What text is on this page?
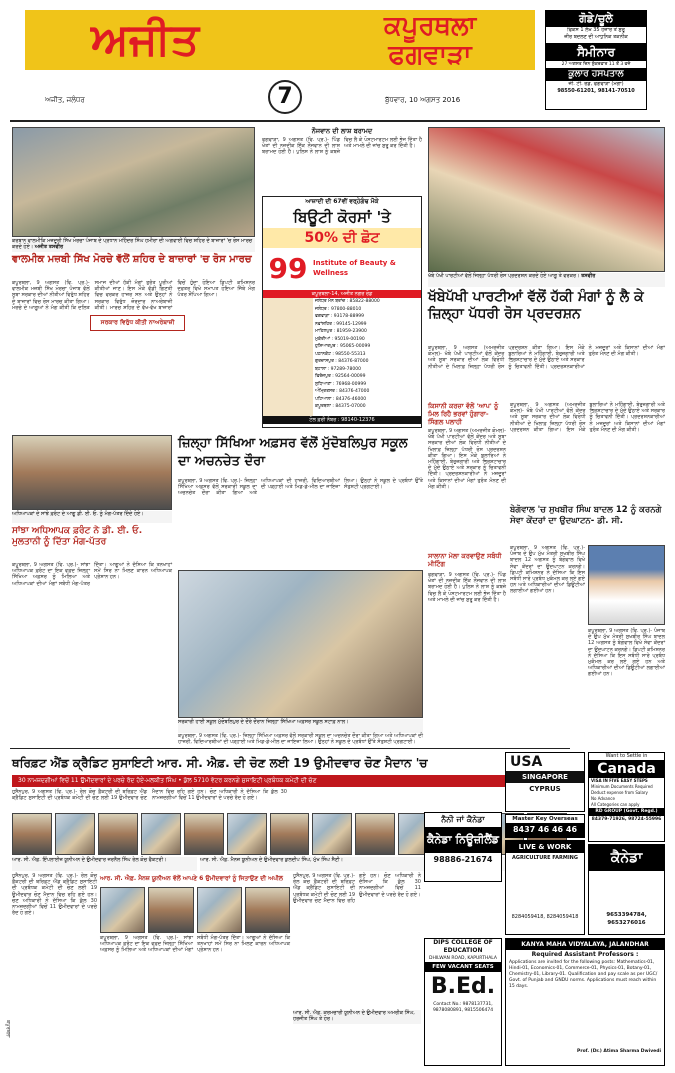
ਅਜੀਤ	ਕਪੂਰਥਲਾ
ਫਗਵਾੜਾ
ਅਜੀਤ, ਜਲੰਧਰ	7	ਬੁੱਧਵਾਰ, 10 ਅਗਸਤ 2016
ਗੋਡੇ/ਚੂਲੇ
ਫਿਕਸ 1 ਲੱਖ 35 ਹਜ਼ਾਰ ਤੋਂ ਸ਼ੁਰੂ
ਜ਼ੀਰ ਬਦਲਣ ਦੀ ਆਧੁਨਿਕ ਤਕਨੀਕ
ਸੈਮੀਨਾਰ
27 ਅਗਸਤ ਦਿਨ ਸ਼ੁੱਕਰਵਾਰ 11 ਤੋਂ 3 ਵਜੇ
ਕੂਲਾਰ ਹਸਪਤਾਲ
ਜੀ. ਟੀ. ਰੋਡ, ਫਗਵਾੜਾ (ਮੋਗਾ)
98550-61201, 98141-70510
ਕਰਬਾਨ ਵਾਲਮੀਕਿ ਮਜ਼ਦੂਰੀ ਸਿੱਖ ਮੋਰਚਾ ਪੰਜਾਬ ਦੇ ਪ੍ਰਧਾਨ ਮਹਿੰਦਰ ਸਿੰਘ ਹਮੀਰਾ ਦੀ ਅਗਵਾਈ ਵਿਚ ਸ਼ਹਿਰ ਦੇ ਬਾਜ਼ਾਰਾਂ 'ਚ ਰੋਸ ਮਾਰਚ ਕਰਦੇ ਹੋਏ। ਅਜੀਤ ਤਸਵੀਰ
ਵਾਲਮੀਕ ਮਜ਼ਬੀ ਸਿੱਖ ਮੋਰਚੇ ਵੱਲੋਂ ਸ਼ਹਿਰ ਦੇ ਬਾਜ਼ਾਰਾਂ 'ਚ ਰੋਸ ਮਾਰਚ
ਕਪੂਰਥਲਾ, 9 ਅਗਸਤ (ਵਿ. ਪ੍ਰ.)- ਵਾਲਮੀਕ ਮਜ਼ਬੀ ਸਿੱਖ ਮੋਰਚਾ ਪੰਜਾਬ ਵੱਲੋਂ ਸੂਬਾ ਸਰਕਾਰ ਦੀਆਂ ਨੀਤੀਆਂ ਵਿਰੁੱਧ ਸ਼ਹਿਰ ਦੇ ਬਾਜ਼ਾਰਾਂ ਵਿਚ ਰੋਸ ਮਾਰਚ ਕੀਤਾ ਗਿਆ। ਮੋਰਚੇ ਦੇ ਆਗੂਆਂ ਨੇ ਮੰਗ ਕੀਤੀ ਕਿ ਦਲਿਤ ਸਮਾਜ ਦੀਆਂ ਹੱਕੀ ਮੰਗਾਂ ਤੁਰੰਤ ਪੂਰੀਆਂ ਕੀਤੀਆਂ ਜਾਣ। ਇਸ ਮੌਕੇ ਵੱਡੀ ਗਿਣਤੀ ਵਿਚ ਵਰਕਰ ਹਾਜ਼ਰ ਸਨ ਅਤੇ ਉਨ੍ਹਾਂ ਨੇ ਸਰਕਾਰ ਵਿਰੁੱਧ ਜ਼ੋਰਦਾਰ ਨਾਅਰੇਬਾਜ਼ੀ ਕੀਤੀ। ਮਾਰਚ ਸ਼ਹਿਰ ਦੇ ਵੱਖ-ਵੱਖ ਬਾਜ਼ਾਰਾਂ ਵਿਚੋਂ ਹੁੰਦਾ ਹੋਇਆ ਡਿਪਟੀ ਕਮਿਸ਼ਨਰ ਦਫ਼ਤਰ ਵਿਖੇ ਸਮਾਪਤ ਹੋਇਆ ਜਿੱਥੇ ਮੰਗ ਪੱਤਰ ਸੌਂਪਿਆ ਗਿਆ।
ਸਰਕਾਰ ਵਿਰੁੱਧ ਕੀਤੀ ਨਾਅਰੇਬਾਜ਼ੀ
ਨੌਜਵਾਨ ਦੀ ਲਾਸ਼ ਬਰਾਮਦ
ਫਗਵਾੜਾ, 9 ਅਗਸਤ (ਵਿ. ਪ੍ਰ.)- ਪਿੰਡ ਖੇਤਾਂ ਦੀ ਨਜ਼ਦੀਕ ਇੱਕ ਨੌਜਵਾਨ ਦੀ ਲਾਸ਼ ਬਰਾਮਦ ਹੋਈ ਹੈ। ਪੁਲਿਸ ਨੇ ਲਾਸ਼ ਨੂੰ ਕਬਜ਼ੇ ਵਿਚ ਲੈ ਕੇ ਪੋਸਟਮਾਰਟਮ ਲਈ ਭੇਜ ਦਿੱਤਾ ਹੈ ਅਤੇ ਮਾਮਲੇ ਦੀ ਜਾਂਚ ਸ਼ੁਰੂ ਕਰ ਦਿੱਤੀ ਹੈ।
ਆਜ਼ਾਦੀ ਦੀ 67ਵੀਂ ਵਰ੍ਹੇਗੰਢ ਮੌਕੇ
ਬਿਊਟੀ ਕੋਰਸਾਂ 'ਤੇ
50% ਦੀ ਛੋਟ
99 Institute of Beauty & Wellness
ਕਪੂਰਥਲਾ-14, ਅਜੀਤ ਨਗਰ ਰੋਡ
ਜਲੰਧਰ ਮੇਨ ਬਰਾਂਚ : 85822-88000
ਜਲੰਧਰ : 97800-88010
ਫਗਵਾੜਾ : 93178-88999
ਨਵਾਂਸ਼ਹਿਰ : 99145-12999
ਮਾਹਿਲਪੁਰ : 81959-23900
ਮੁਕੇਰੀਆਂ : 95019-00190
ਹੁਸ਼ਿਆਰਪੁਰ : 95065-00099
ਪਠਾਨਕੋਟ : 98550-55313
ਗੁਰਦਾਸਪੁਰ : 84376-87000
ਬਟਾਲਾ : 97289-78000
ਫਿਰੋਜ਼ਪੁਰ : 92564-00099
ਲੁਧਿਆਣਾ : 76968-00999
ਅੰਮ੍ਰਿਤਸਰ : 84376-47000
ਪਟਿਆਲਾ : 84376-46000
ਕਪੂਰਥਲਾ : 84375-07000
ਟੋਲ ਫ਼ਰੀ ਨੰਬਰ : 98140-12376
ਖੱਬੇ ਪੱਖੀ ਪਾਰਟੀਆਂ ਵੱਲੋਂ ਜਿਲ੍ਹਾ ਪੱਧਰੀ ਰੋਸ ਪ੍ਰਦਰਸ਼ਨ ਕਰਦੇ ਹੋਏ ਆਗੂ ਤੇ ਵਰਕਰ। ਤਸਵੀਰ
ਖੱਬੇਪੱਖੀ ਪਾਰਟੀਆਂ ਵੱਲੋਂ ਹੱਕੀ ਮੰਗਾਂ ਨੂੰ ਲੈ ਕੇ ਜ਼ਿਲ੍ਹਾ ਪੱਧਰੀ ਰੋਸ ਪ੍ਰਦਰਸ਼ਨ
ਕਪੂਰਥਲਾ, 9 ਅਗਸਤ (ਅਮਰਜੀਤ ਕੋਮਲ)- ਖੱਬੇ ਪੱਖੀ ਪਾਰਟੀਆਂ ਵੱਲੋਂ ਕੇਂਦਰ ਅਤੇ ਸੂਬਾ ਸਰਕਾਰ ਦੀਆਂ ਲੋਕ ਵਿਰੋਧੀ ਨੀਤੀਆਂ ਦੇ ਖਿਲਾਫ਼ ਜ਼ਿਲ੍ਹਾ ਪੱਧਰੀ ਰੋਸ ਪ੍ਰਦਰਸ਼ਨ ਕੀਤਾ ਗਿਆ। ਇਸ ਮੌਕੇ ਬੁਲਾਰਿਆਂ ਨੇ ਮਹਿੰਗਾਈ, ਬੇਰੁਜ਼ਗਾਰੀ ਅਤੇ ਭ੍ਰਿਸ਼ਟਾਚਾਰ ਦੇ ਮੁੱਦੇ ਉਠਾਏ ਅਤੇ ਸਰਕਾਰ ਨੂੰ ਚਿਤਾਵਨੀ ਦਿੱਤੀ। ਪ੍ਰਦਰਸ਼ਨਕਾਰੀਆਂ ਨੇ ਮਜ਼ਦੂਰਾਂ ਅਤੇ ਕਿਸਾਨਾਂ ਦੀਆਂ ਮੰਗਾਂ ਤੁਰੰਤ ਮੰਨਣ ਦੀ ਮੰਗ ਕੀਤੀ।
ਕਿਸਾਨੀ ਕਰਜ਼ਾ ਵੱਲੋਂ 'ਆਪ' ਨੂੰ ਮਿਲ ਰਿਹੈ ਭਰਵਾਂ ਹੁੰਗਾਰਾ- ਸਿੰਗਲ ਪਲਾਹੀ
ਕਪੂਰਥਲਾ, 9 ਅਗਸਤ (ਅਮਰਜੀਤ ਕੋਮਲ)- ਖੱਬੇ ਪੱਖੀ ਪਾਰਟੀਆਂ ਵੱਲੋਂ ਕੇਂਦਰ ਅਤੇ ਸੂਬਾ ਸਰਕਾਰ ਦੀਆਂ ਲੋਕ ਵਿਰੋਧੀ ਨੀਤੀਆਂ ਦੇ ਖਿਲਾਫ਼ ਜ਼ਿਲ੍ਹਾ ਪੱਧਰੀ ਰੋਸ ਪ੍ਰਦਰਸ਼ਨ ਕੀਤਾ ਗਿਆ। ਇਸ ਮੌਕੇ ਬੁਲਾਰਿਆਂ ਨੇ ਮਹਿੰਗਾਈ, ਬੇਰੁਜ਼ਗਾਰੀ ਅਤੇ ਭ੍ਰਿਸ਼ਟਾਚਾਰ ਦੇ ਮੁੱਦੇ ਉਠਾਏ ਅਤੇ ਸਰਕਾਰ ਨੂੰ ਚਿਤਾਵਨੀ ਦਿੱਤੀ। ਪ੍ਰਦਰਸ਼ਨਕਾਰੀਆਂ ਨੇ ਮਜ਼ਦੂਰਾਂ ਅਤੇ ਕਿਸਾਨਾਂ ਦੀਆਂ ਮੰਗਾਂ ਤੁਰੰਤ ਮੰਨਣ ਦੀ ਮੰਗ ਕੀਤੀ।
ਸਾਲਾਨਾ ਮੇਲਾ ਕਰਵਾਉਣ ਸਬੰਧੀ ਮੀਟਿੰਗ
ਫਗਵਾੜਾ, 9 ਅਗਸਤ (ਵਿ. ਪ੍ਰ.)- ਪਿੰਡ ਖੇਤਾਂ ਦੀ ਨਜ਼ਦੀਕ ਇੱਕ ਨੌਜਵਾਨ ਦੀ ਲਾਸ਼ ਬਰਾਮਦ ਹੋਈ ਹੈ। ਪੁਲਿਸ ਨੇ ਲਾਸ਼ ਨੂੰ ਕਬਜ਼ੇ ਵਿਚ ਲੈ ਕੇ ਪੋਸਟਮਾਰਟਮ ਲਈ ਭੇਜ ਦਿੱਤਾ ਹੈ ਅਤੇ ਮਾਮਲੇ ਦੀ ਜਾਂਚ ਸ਼ੁਰੂ ਕਰ ਦਿੱਤੀ ਹੈ।
ਕਪੂਰਥਲਾ, 9 ਅਗਸਤ (ਅਮਰਜੀਤ ਕੋਮਲ)- ਖੱਬੇ ਪੱਖੀ ਪਾਰਟੀਆਂ ਵੱਲੋਂ ਕੇਂਦਰ ਅਤੇ ਸੂਬਾ ਸਰਕਾਰ ਦੀਆਂ ਲੋਕ ਵਿਰੋਧੀ ਨੀਤੀਆਂ ਦੇ ਖਿਲਾਫ਼ ਜ਼ਿਲ੍ਹਾ ਪੱਧਰੀ ਰੋਸ ਪ੍ਰਦਰਸ਼ਨ ਕੀਤਾ ਗਿਆ। ਇਸ ਮੌਕੇ ਬੁਲਾਰਿਆਂ ਨੇ ਮਹਿੰਗਾਈ, ਬੇਰੁਜ਼ਗਾਰੀ ਅਤੇ ਭ੍ਰਿਸ਼ਟਾਚਾਰ ਦੇ ਮੁੱਦੇ ਉਠਾਏ ਅਤੇ ਸਰਕਾਰ ਨੂੰ ਚਿਤਾਵਨੀ ਦਿੱਤੀ। ਪ੍ਰਦਰਸ਼ਨਕਾਰੀਆਂ ਨੇ ਮਜ਼ਦੂਰਾਂ ਅਤੇ ਕਿਸਾਨਾਂ ਦੀਆਂ ਮੰਗਾਂ ਤੁਰੰਤ ਮੰਨਣ ਦੀ ਮੰਗ ਕੀਤੀ।
ਅਧਿਆਪਕਾਂ ਦੇ ਸਾਂਝੇ ਫ਼ਰੰਟ ਦੇ ਆਗੂ ਡੀ. ਈ. ਓ. ਨੂੰ ਮੰਗ-ਪੱਤਰ ਦਿੰਦੇ ਹੋਏ।
ਜ਼ਿਲ੍ਹਾ ਸਿੱਖਿਆ ਅਫ਼ਸਰ ਵੱਲੋਂ ਮੁੱਦੋਬਲਿਪੁਰ ਸਕੂਲ ਦਾ ਅਚਨਚੇਤ ਦੌਰਾ
ਕਪੂਰਥਲਾ, 9 ਅਗਸਤ (ਵਿ. ਪ੍ਰ.)- ਜ਼ਿਲ੍ਹਾ ਸਿੱਖਿਆ ਅਫ਼ਸਰ ਵੱਲੋਂ ਸਰਕਾਰੀ ਸਕੂਲ ਦਾ ਅਚਨਚੇਤ ਦੌਰਾ ਕੀਤਾ ਗਿਆ ਅਤੇ ਅਧਿਆਪਕਾਂ ਦੀ ਹਾਜ਼ਰੀ, ਵਿਦਿਆਰਥੀਆਂ ਦੀ ਪੜ੍ਹਾਈ ਅਤੇ ਮਿਡ-ਡੇ-ਮੀਲ ਦਾ ਜਾਇਜ਼ਾ ਲਿਆ। ਉਨ੍ਹਾਂ ਨੇ ਸਕੂਲ ਦੇ ਪ੍ਰਬੰਧਾਂ ਉੱਤੇ ਸੰਤੁਸ਼ਟੀ ਪ੍ਰਗਟਾਈ।
ਸਾਂਝਾ ਅਧਿਆਪਕ ਫ਼ਰੰਟ ਨੇ ਡੀ. ਈ. ਓ. ਮੁਲਤਾਨੀ ਨੂੰ ਦਿੱਤਾ ਮੰਗ-ਪੱਤਰ
ਕਪੂਰਥਲਾ, 9 ਅਗਸਤ (ਵਿ. ਪ੍ਰ.)- ਸਾਂਝਾ ਅਧਿਆਪਕ ਫ਼ਰੰਟ ਦਾ ਇਕ ਵਫ਼ਦ ਜ਼ਿਲ੍ਹਾ ਸਿੱਖਿਆ ਅਫ਼ਸਰ ਨੂੰ ਮਿਲਿਆ ਅਤੇ ਅਧਿਆਪਕਾਂ ਦੀਆਂ ਮੰਗਾਂ ਸਬੰਧੀ ਮੰਗ-ਪੱਤਰ ਦਿੱਤਾ। ਆਗੂਆਂ ਨੇ ਦੱਸਿਆ ਕਿ ਤਨਖਾਹਾਂ ਸਮੇਂ ਸਿਰ ਨਾ ਮਿਲਣ ਕਾਰਨ ਅਧਿਆਪਕ ਪ੍ਰੇਸ਼ਾਨ ਹਨ।
ਸਰਕਾਰੀ ਹਾਈ ਸਕੂਲ ਮੁੱਦੋਬਲਿਪੁਰ ਦੇ ਦੌਰੇ ਦੌਰਾਨ ਜ਼ਿਲ੍ਹਾ ਸਿੱਖਿਆ ਅਫ਼ਸਰ ਸਕੂਲ ਸਟਾਫ਼ ਨਾਲ।
ਕਪੂਰਥਲਾ, 9 ਅਗਸਤ (ਵਿ. ਪ੍ਰ.)- ਜ਼ਿਲ੍ਹਾ ਸਿੱਖਿਆ ਅਫ਼ਸਰ ਵੱਲੋਂ ਸਰਕਾਰੀ ਸਕੂਲ ਦਾ ਅਚਨਚੇਤ ਦੌਰਾ ਕੀਤਾ ਗਿਆ ਅਤੇ ਅਧਿਆਪਕਾਂ ਦੀ ਹਾਜ਼ਰੀ, ਵਿਦਿਆਰਥੀਆਂ ਦੀ ਪੜ੍ਹਾਈ ਅਤੇ ਮਿਡ-ਡੇ-ਮੀਲ ਦਾ ਜਾਇਜ਼ਾ ਲਿਆ। ਉਨ੍ਹਾਂ ਨੇ ਸਕੂਲ ਦੇ ਪ੍ਰਬੰਧਾਂ ਉੱਤੇ ਸੰਤੁਸ਼ਟੀ ਪ੍ਰਗਟਾਈ।
ਬੇਗੋਵਾਲ 'ਚ ਸੁਖਬੀਰ ਸਿੰਘ ਬਾਦਲ 12 ਨੂੰ ਕਰਨਗੇ ਸੇਵਾ ਕੇਂਦਰਾਂ ਦਾ ਉਦਘਾਟਨ- ਡੀ. ਸੀ.
ਕਪੂਰਥਲਾ, 9 ਅਗਸਤ (ਵਿ. ਪ੍ਰ.)- ਪੰਜਾਬ ਦੇ ਉਪ ਮੁੱਖ ਮੰਤਰੀ ਸੁਖਬੀਰ ਸਿੰਘ ਬਾਦਲ 12 ਅਗਸਤ ਨੂੰ ਬੇਗੋਵਾਲ ਵਿਖੇ ਸੇਵਾ ਕੇਂਦਰਾਂ ਦਾ ਉਦਘਾਟਨ ਕਰਨਗੇ। ਡਿਪਟੀ ਕਮਿਸ਼ਨਰ ਨੇ ਦੱਸਿਆ ਕਿ ਇਸ ਸਬੰਧੀ ਸਾਰੇ ਪ੍ਰਬੰਧ ਮੁਕੰਮਲ ਕਰ ਲਏ ਗਏ ਹਨ ਅਤੇ ਅਧਿਕਾਰੀਆਂ ਦੀਆਂ ਡਿਊਟੀਆਂ ਲਗਾਈਆਂ ਗਈਆਂ ਹਨ।
ਕਪੂਰਥਲਾ, 9 ਅਗਸਤ (ਵਿ. ਪ੍ਰ.)- ਪੰਜਾਬ ਦੇ ਉਪ ਮੁੱਖ ਮੰਤਰੀ ਸੁਖਬੀਰ ਸਿੰਘ ਬਾਦਲ 12 ਅਗਸਤ ਨੂੰ ਬੇਗੋਵਾਲ ਵਿਖੇ ਸੇਵਾ ਕੇਂਦਰਾਂ ਦਾ ਉਦਘਾਟਨ ਕਰਨਗੇ। ਡਿਪਟੀ ਕਮਿਸ਼ਨਰ ਨੇ ਦੱਸਿਆ ਕਿ ਇਸ ਸਬੰਧੀ ਸਾਰੇ ਪ੍ਰਬੰਧ ਮੁਕੰਮਲ ਕਰ ਲਏ ਗਏ ਹਨ ਅਤੇ ਅਧਿਕਾਰੀਆਂ ਦੀਆਂ ਡਿਊਟੀਆਂ ਲਗਾਈਆਂ ਗਈਆਂ ਹਨ।
ਥਰਿਫ਼ਟ ਐਂਡ ਕ੍ਰੈਡਿਟ ਸੁਸਾਇਟੀ ਆਰ. ਸੀ. ਐਫ਼. ਦੀ ਚੋਣ ਲਈ 19 ਉਮੀਦਵਾਰ ਚੋਣ ਮੈਦਾਨ 'ਚ
30 ਨਾਮਜ਼ਦਗੀਆਂ ਵਿਚੋਂ 11 ਉਮੀਦਵਾਰਾਂ ਦੇ ਪਰਚੇ ਰੱਦ ਹੋਏ-ਮਲਕੀਤ ਸਿੰਘ • ਕੁੱਲ 5710 ਵੋਟਰ ਕਰਨਗੇ ਸੁਸਾਇਟੀ ਪ੍ਰਬੰਧਕ ਕਮੇਟੀ ਦੀ ਚੋਣ
ਹੁਸੈਨਪੁਰ, 9 ਅਗਸਤ (ਵਿ. ਪ੍ਰ.)- ਰੇਲ ਕੋਚ ਫ਼ੈਕਟਰੀ ਦੀ ਥਰਿਫ਼ਟ ਐਂਡ ਕ੍ਰੈਡਿਟ ਸੁਸਾਇਟੀ ਦੀ ਪ੍ਰਬੰਧਕ ਕਮੇਟੀ ਦੀ ਚੋਣ ਲਈ 19 ਉਮੀਦਵਾਰ ਚੋਣ ਮੈਦਾਨ ਵਿਚ ਰਹਿ ਗਏ ਹਨ। ਚੋਣ ਅਧਿਕਾਰੀ ਨੇ ਦੱਸਿਆ ਕਿ ਕੁੱਲ 30 ਨਾਮਜ਼ਦਗੀਆਂ ਵਿਚੋਂ 11 ਉਮੀਦਵਾਰਾਂ ਦੇ ਪਰਚੇ ਰੱਦ ਹੋ ਗਏ।
ਆਰ. ਸੀ. ਐਫ਼. ਇੰਪਲਾਈਜ਼ ਯੂਨੀਅਨ ਦੇ ਉਮੀਦਵਾਰ ਜਰਨੈਲ ਸਿੰਘ ਰੇਲ ਕੋਚ ਫੈਕਟਰੀ।	ਆਰ. ਸੀ. ਐਫ਼. ਮੈਨਜ਼ ਯੂਨੀਅਨ ਦੇ ਉਮੀਦਵਾਰ ਕੁਲਦੀਪ ਸਿੰਘ, ਮੁੱਖ ਸਿੰਘ ਸੈਣੀ।
ਹੁਸੈਨਪੁਰ, 9 ਅਗਸਤ (ਵਿ. ਪ੍ਰ.)- ਰੇਲ ਕੋਚ ਫ਼ੈਕਟਰੀ ਦੀ ਥਰਿਫ਼ਟ ਐਂਡ ਕ੍ਰੈਡਿਟ ਸੁਸਾਇਟੀ ਦੀ ਪ੍ਰਬੰਧਕ ਕਮੇਟੀ ਦੀ ਚੋਣ ਲਈ 19 ਉਮੀਦਵਾਰ ਚੋਣ ਮੈਦਾਨ ਵਿਚ ਰਹਿ ਗਏ ਹਨ। ਚੋਣ ਅਧਿਕਾਰੀ ਨੇ ਦੱਸਿਆ ਕਿ ਕੁੱਲ 30 ਨਾਮਜ਼ਦਗੀਆਂ ਵਿਚੋਂ 11 ਉਮੀਦਵਾਰਾਂ ਦੇ ਪਰਚੇ ਰੱਦ ਹੋ ਗਏ।
ਆਰ. ਸੀ. ਐਫ਼. ਮੈਨਜ਼ ਯੂਨੀਅਨ ਵੱਲੋਂ ਆਪਣੇ 6 ਉਮੀਦਵਾਰਾਂ ਨੂੰ ਜਿਤਾਉਣ ਦੀ ਅਪੀਲ
ਕਪੂਰਥਲਾ, 9 ਅਗਸਤ (ਵਿ. ਪ੍ਰ.)- ਸਾਂਝਾ ਅਧਿਆਪਕ ਫ਼ਰੰਟ ਦਾ ਇਕ ਵਫ਼ਦ ਜ਼ਿਲ੍ਹਾ ਸਿੱਖਿਆ ਅਫ਼ਸਰ ਨੂੰ ਮਿਲਿਆ ਅਤੇ ਅਧਿਆਪਕਾਂ ਦੀਆਂ ਮੰਗਾਂ ਸਬੰਧੀ ਮੰਗ-ਪੱਤਰ ਦਿੱਤਾ। ਆਗੂਆਂ ਨੇ ਦੱਸਿਆ ਕਿ ਤਨਖਾਹਾਂ ਸਮੇਂ ਸਿਰ ਨਾ ਮਿਲਣ ਕਾਰਨ ਅਧਿਆਪਕ ਪ੍ਰੇਸ਼ਾਨ ਹਨ।
ਹੁਸੈਨਪੁਰ, 9 ਅਗਸਤ (ਵਿ. ਪ੍ਰ.)- ਰੇਲ ਕੋਚ ਫ਼ੈਕਟਰੀ ਦੀ ਥਰਿਫ਼ਟ ਐਂਡ ਕ੍ਰੈਡਿਟ ਸੁਸਾਇਟੀ ਦੀ ਪ੍ਰਬੰਧਕ ਕਮੇਟੀ ਦੀ ਚੋਣ ਲਈ 19 ਉਮੀਦਵਾਰ ਚੋਣ ਮੈਦਾਨ ਵਿਚ ਰਹਿ ਗਏ ਹਨ। ਚੋਣ ਅਧਿਕਾਰੀ ਨੇ ਦੱਸਿਆ ਕਿ ਕੁੱਲ 30 ਨਾਮਜ਼ਦਗੀਆਂ ਵਿਚੋਂ 11 ਉਮੀਦਵਾਰਾਂ ਦੇ ਪਰਚੇ ਰੱਦ ਹੋ ਗਏ।
ਆਰ. ਸੀ. ਐਫ਼. ਕਰਮਚਾਰੀ ਯੂਨੀਅਨ ਦੇ ਉਮੀਦਵਾਰ ਅਮਰੀਕ ਸਿੰਘ, ਹਰਜੀਤ ਸਿੰਘ ਤੇ ਹੋਰ।
ਨੈਨੀ ਜਾਂ ਕੈਨੇਡਾ
ਕੈਨੇਡਾ ਨਿਊਜ਼ੀਲੈਂਡ
98886-21674
DIPS COLLEGE OF EDUCATION
DHILWAN ROAD, KAPURTHALA
FEW VACANT SEATS
B.Ed.
Contact No.: 9878137731, 9878080891, 9815506474
USA
SINGAPORE
CYPRUS
Master Key Overseas
8437 46 46 46
LIVE & WORK
AGRICULTURE FARMING
8284059418, 8284059418
Want to Settle in
Canada
VISA IN FIVE EASY STEPS
Minimum Documents Required
Deduct expense from Salary
No Advance
All Categories can apply
RD GROUP (Govt. Regd.)
84379-71926, 98724-55996
ਕੈਨੇਡਾ
9653394784, 9653276016
KANYA MAHA VIDYALAYA, JALANDHAR
Required Assistant Professors :
Applications are invited for the following posts: Mathematics-01, Hindi-01, Economics-01, Commerce-01, Physics-01, Botany-01, Chemistry-01, Library-01. Qualification and pay scale as per UGC/ Govt. of Punjab and GNDU norms. Applications must reach within 15 days.
Prof. (Dr.) Atima Sharma Dwivedi
ਕਪੂਰਥਲਾ
